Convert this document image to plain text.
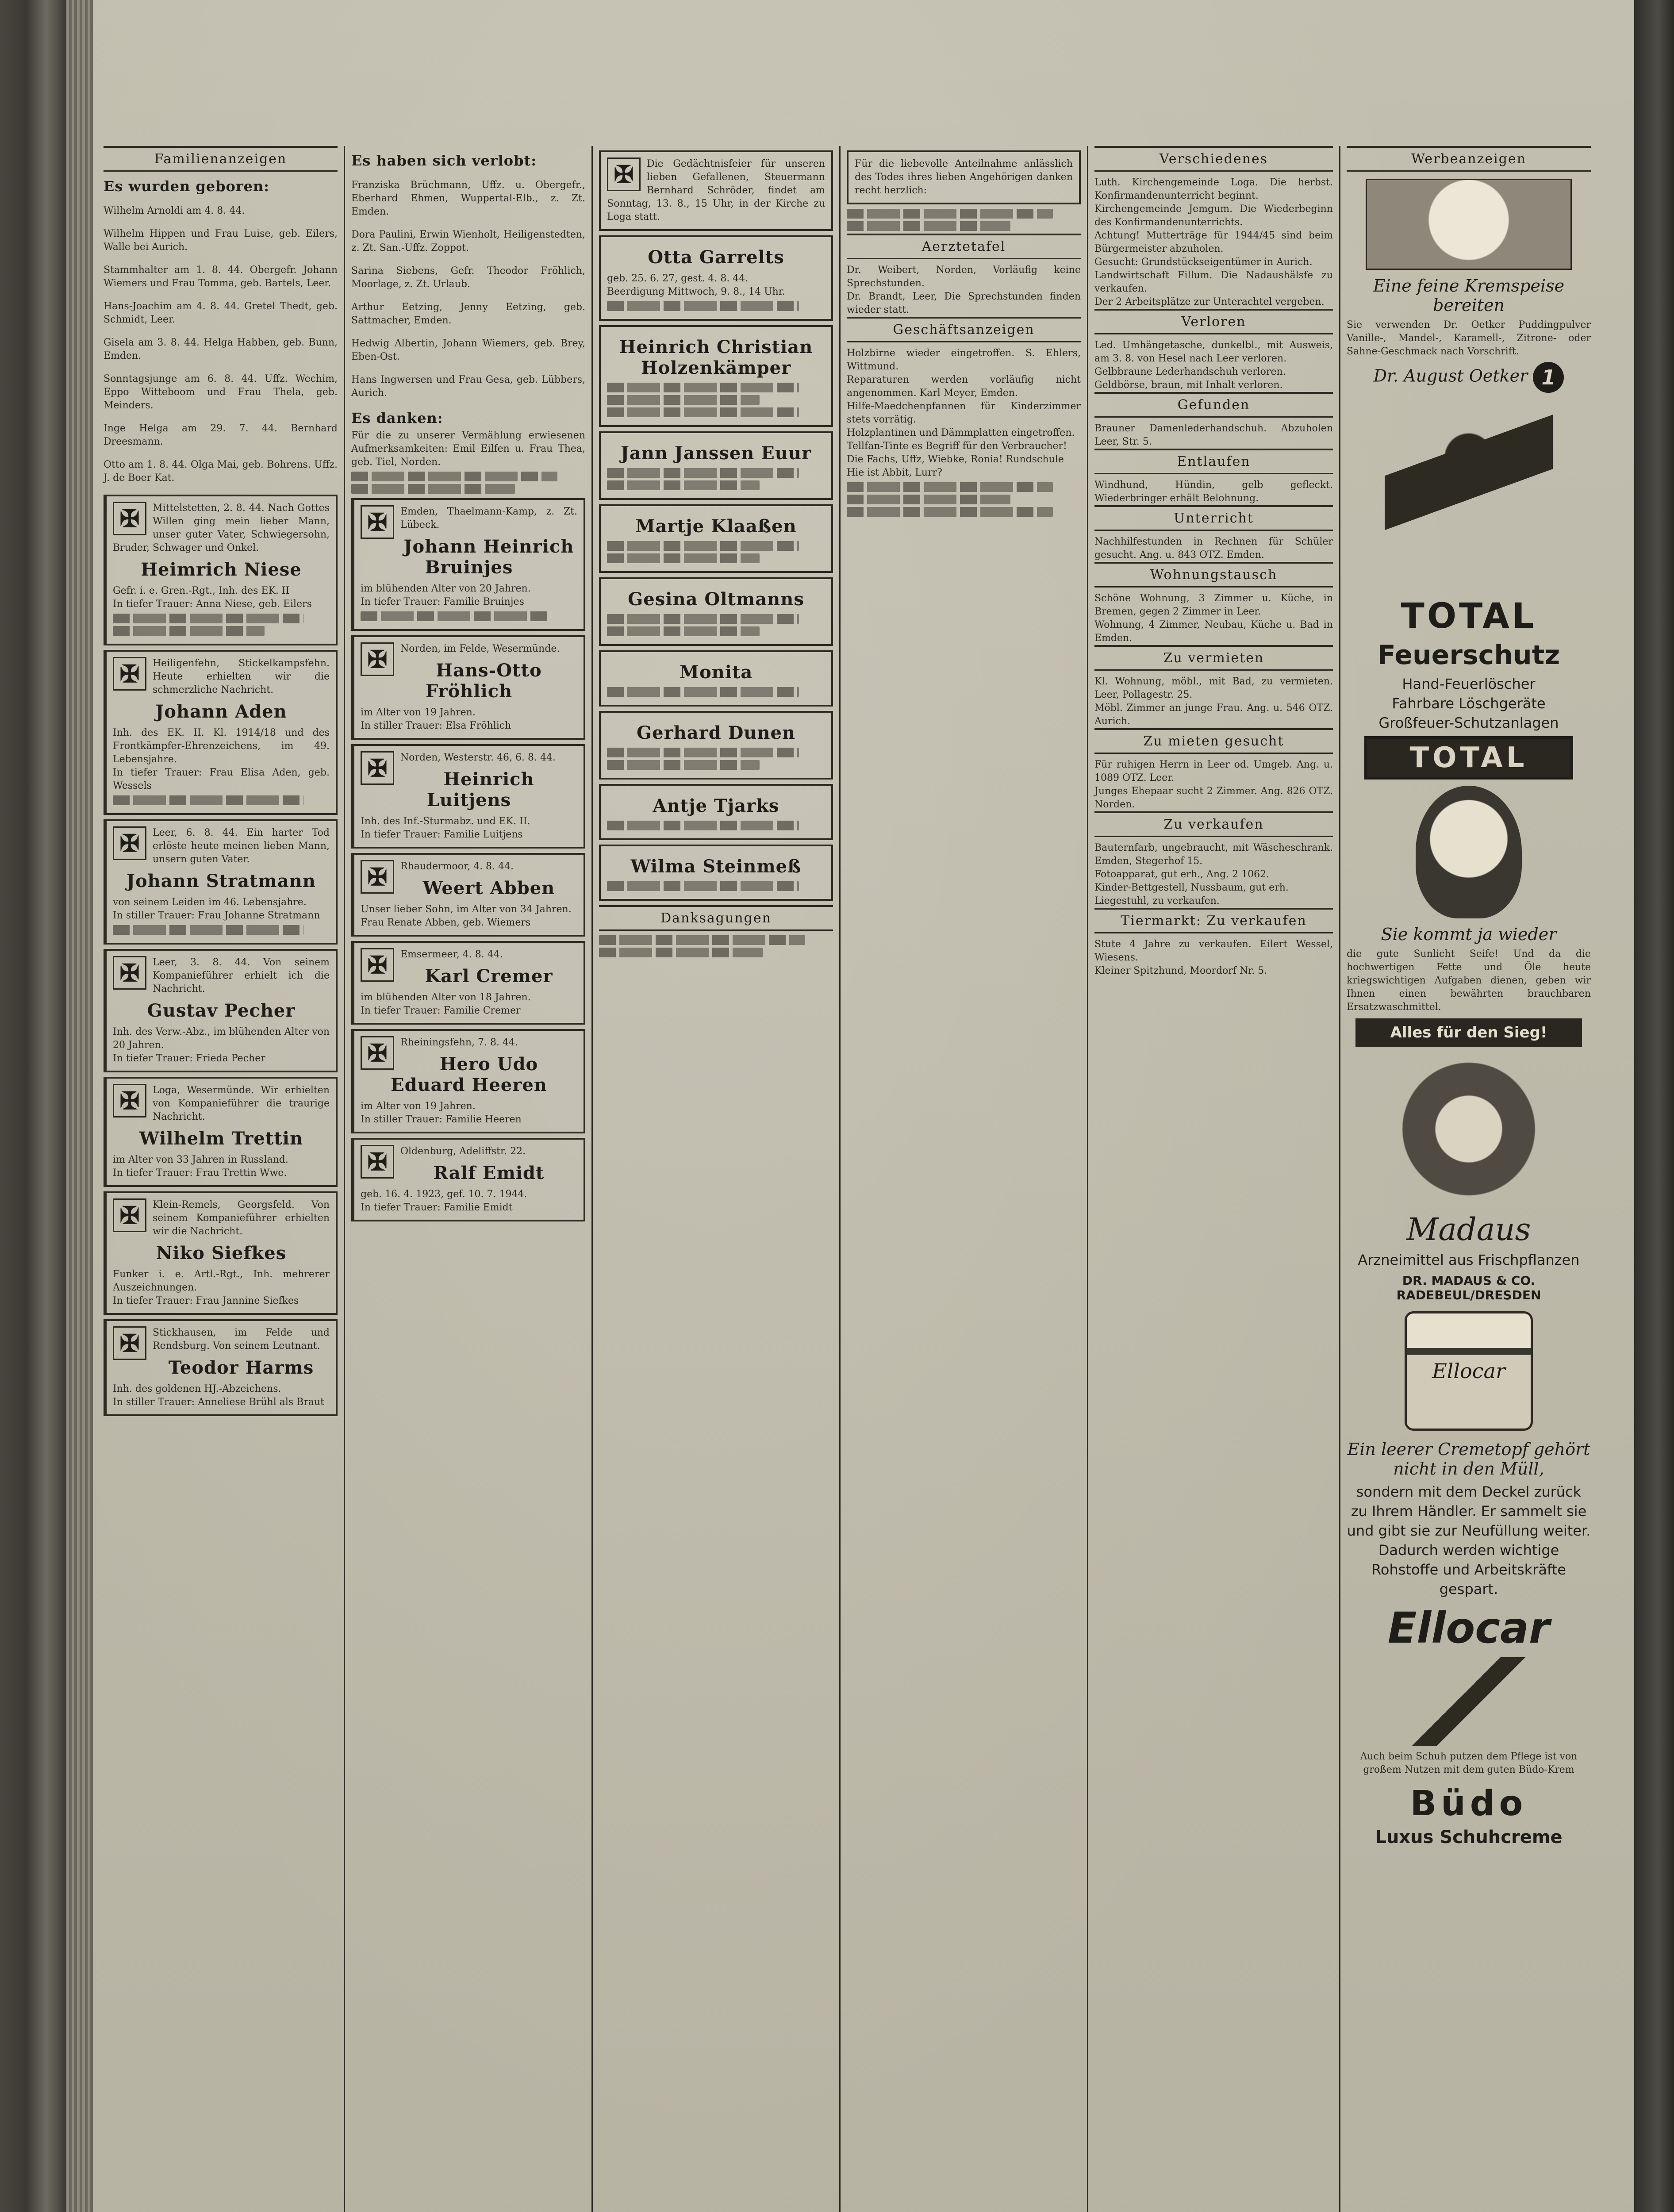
Familienanzeigen
Es wurden geboren:

Wilhelm Arnoldi am 4. 8. 44.

Wilhelm Hippen und Frau Luise, geb. Eilers, Walle bei Aurich.

Stammhalter am 1. 8. 44. Obergefr. Johann Wiemers und Frau Tomma, geb. Bartels, Leer.

Hans-Joachim am 4. 8. 44. Gretel Thedt, geb. Schmidt, Leer.

Gisela am 3. 8. 44. Helga Habben, geb. Bunn, Emden.

Sonntagsjunge am 6. 8. 44. Uffz. Wechim, Eppo Witteboom und Frau Thela, geb. Meinders.

Inge Helga am 29. 7. 44. Bernhard Dreesmann.

Otto am 1. 8. 44. Olga Mai, geb. Bohrens. Uffz. J. de Boer Kat.

✠	Mittelstetten, 2. 8. 44. Nach Gottes Willen ging mein lieber Mann, unser guter Vater, Schwiegersohn, Bruder, Schwager und Onkel.
Heimrich Niese
Gefr. i. e. Gren.-Rgt., Inh. des EK. II
In tiefer Trauer: Anna Niese, geb. Eilers
✠	Heiligenfehn, Stickelkampsfehn. Heute erhielten wir die schmerzliche Nachricht.
Johann Aden
Inh. des EK. II. Kl. 1914/18 und des Frontkämpfer-Ehrenzeichens, im 49. Lebensjahre.
In tiefer Trauer: Frau Elisa Aden, geb. Wessels
✠	Leer, 6. 8. 44. Ein harter Tod erlöste heute meinen lieben Mann, unsern guten Vater.
Johann Stratmann
von seinem Leiden im 46. Lebensjahre.
In stiller Trauer: Frau Johanne Stratmann
✠	Leer, 3. 8. 44. Von seinem Kompanieführer erhielt ich die Nachricht.
Gustav Pecher
Inh. des Verw.-Abz., im blühenden Alter von 20 Jahren.
In tiefer Trauer: Frieda Pecher
✠	Loga, Wesermünde. Wir erhielten von Kompanieführer die traurige Nachricht.
Wilhelm Trettin
im Alter von 33 Jahren in Russland.
In tiefer Trauer: Frau Trettin Wwe.
✠	Klein-Remels, Georgsfeld. Von seinem Kompanieführer erhielten wir die Nachricht.
Niko Siefkes
Funker i. e. Artl.-Rgt., Inh. mehrerer Auszeichnungen.
In tiefer Trauer: Frau Jannine Siefkes
✠	Stickhausen, im Felde und Rendsburg. Von seinem Leutnant.
Teodor Harms
Inh. des goldenen HJ.-Abzeichens.
In stiller Trauer: Anneliese Brühl als Braut
Es haben sich verlobt:

Franziska Brüchmann, Uffz. u. Obergefr., Eberhard Ehmen, Wuppertal-Elb., z. Zt. Emden.

Dora Paulini, Erwin Wienholt, Heiligenstedten, z. Zt. San.-Uffz. Zoppot.

Sarina Siebens, Gefr. Theodor Fröhlich, Moorlage, z. Zt. Urlaub.

Arthur Eetzing, Jenny Eetzing, geb. Sattmacher, Emden.

Hedwig Albertin, Johann Wiemers, geb. Brey, Eben-Ost.

Hans Ingwersen und Frau Gesa, geb. Lübbers, Aurich.

Es danken:
Für die zu unserer Vermählung erwiesenen Aufmerksamkeiten: Emil Eilfen u. Frau Thea, geb. Tiel, Norden.
✠	Emden, Thaelmann-Kamp, z. Zt. Lübeck.
Johann Heinrich Bruinjes
im blühenden Alter von 20 Jahren.
In tiefer Trauer: Familie Bruinjes
✠	Norden, im Felde, Wesermünde.
Hans-Otto Fröhlich
im Alter von 19 Jahren.
In stiller Trauer: Elsa Fröhlich
✠	Norden, Westerstr. 46, 6. 8. 44.
Heinrich Luitjens
Inh. des Inf.-Sturmabz. und EK. II.
In tiefer Trauer: Familie Luitjens
✠	Rhaudermoor, 4. 8. 44.
Weert Abben
Unser lieber Sohn, im Alter von 34 Jahren.
Frau Renate Abben, geb. Wiemers
✠	Emsermeer, 4. 8. 44.
Karl Cremer
im blühenden Alter von 18 Jahren.
In tiefer Trauer: Familie Cremer
✠	Rheiningsfehn, 7. 8. 44.
Hero Udo Eduard Heeren
im Alter von 19 Jahren.
In stiller Trauer: Familie Heeren
✠	Oldenburg, Adeliffstr. 22.
Ralf Emidt
geb. 16. 4. 1923, gef. 10. 7. 1944.
In tiefer Trauer: Familie Emidt
✠	Die Gedächtnisfeier für unseren lieben Gefallenen, Steuermann Bernhard Schröder, findet am Sonntag, 13. 8., 15 Uhr, in der Kirche zu Loga statt.
Otta Garrelts
geb. 25. 6. 27, gest. 4. 8. 44.
Beerdigung Mittwoch, 9. 8., 14 Uhr.
Heinrich Christian Holzenkämper
Jann Janssen Euur
Martje Klaaßen
Gesina Oltmanns
Monita
Gerhard Dunen
Antje Tjarks
Wilma Steinmeß
Danksagungen
Für die liebevolle Anteilnahme anlässlich des Todes ihres lieben Angehörigen danken recht herzlich:
Aerztetafel
Dr. Weibert, Norden, Vorläufig keine Sprechstunden.
Dr. Brandt, Leer, Die Sprechstunden finden wieder statt.
Geschäftsanzeigen
Holzbirne wieder eingetroffen. S. Ehlers, Wittmund.
Reparaturen werden vorläufig nicht angenommen. Karl Meyer, Emden.
Hilfe-Maedchenpfannen für Kinderzimmer stets vorrätig.
Holzplantinen und Dämmplatten eingetroffen.
Tellfan-Tinte es Begriff für den Verbraucher!
Die Fachs, Uffz, Wiebke, Ronia! Rundschule
Hie ist Abbit, Lurr?
Verschiedenes
Luth. Kirchengemeinde Loga. Die herbst. Konfirmandenunterricht beginnt.
Kirchengemeinde Jemgum. Die Wiederbeginn des Konfirmandenunterrichts.
Achtung! Mutterträge für 1944/45 sind beim Bürgermeister abzuholen.
Gesucht: Grundstückseigentümer in Aurich.
Landwirtschaft Fillum. Die Nadaushälsfe zu verkaufen.
Der 2 Arbeitsplätze zur Unterachtel vergeben.
Verloren
Led. Umhängetasche, dunkelbl., mit Ausweis, am 3. 8. von Hesel nach Leer verloren.
Gelbbraune Lederhandschuh verloren.
Geldbörse, braun, mit Inhalt verloren.
Gefunden
Brauner Damenlederhandschuh. Abzuholen Leer, Str. 5.
Entlaufen
Windhund, Hündin, gelb gefleckt. Wiederbringer erhält Belohnung.
Unterricht
Nachhilfestunden in Rechnen für Schüler gesucht. Ang. u. 843 OTZ. Emden.
Wohnungstausch
Schöne Wohnung, 3 Zimmer u. Küche, in Bremen, gegen 2 Zimmer in Leer.
Wohnung, 4 Zimmer, Neubau, Küche u. Bad in Emden.
Zu vermieten
Kl. Wohnung, möbl., mit Bad, zu vermieten. Leer, Pollagestr. 25.
Möbl. Zimmer an junge Frau. Ang. u. 546 OTZ. Aurich.
Zu mieten gesucht
Für ruhigen Herrn in Leer od. Umgeb. Ang. u. 1089 OTZ. Leer.
Junges Ehepaar sucht 2 Zimmer. Ang. 826 OTZ. Norden.
Zu verkaufen
Bauternfarb, ungebraucht, mit Wäscheschrank. Emden, Stegerhof 15.
Fotoapparat, gut erh., Ang. 2 1062.
Kinder-Bettgestell, Nussbaum, gut erh.
Liegestuhl, zu verkaufen.
Tiermarkt: Zu verkaufen
Stute 4 Jahre zu verkaufen. Eilert Wessel, Wiesens.
Kleiner Spitzhund, Moordorf Nr. 5.
Werbeanzeigen
Eine feine Kremspeise bereiten
Sie verwenden Dr. Oetker Puddingpulver Vanille-, Mandel-, Karamell-, Zitrone- oder Sahne-Geschmack nach Vorschrift.
Dr. August Oetker 1
TOTAL
Feuerschutz
Hand-Feuerlöscher
Fahrbare Löschgeräte
Großfeuer-Schutzanlagen
TOTAL
Sie kommt ja wieder
die gute Sunlicht Seife! Und da die hochwertigen Fette und Öle heute kriegswichtigen Aufgaben dienen, geben wir Ihnen einen bewährten brauchbaren Ersatzwaschmittel.
Alles für den Sieg!
Madaus
Arzneimittel aus Frischpflanzen
DR. MADAUS & CO. RADEBEUL/DRESDEN
Ellocar
Ein leerer Cremetopf gehört nicht in den Müll,
sondern mit dem Deckel zurück zu Ihrem Händler. Er sammelt sie und gibt sie zur Neufüllung weiter. Dadurch werden wichtige Rohstoffe und Arbeitskräfte gespart.
Ellocar
Auch beim Schuh putzen dem Pflege ist von großem Nutzen mit dem guten Büdo-Krem
Büdo
Luxus Schuhcreme
